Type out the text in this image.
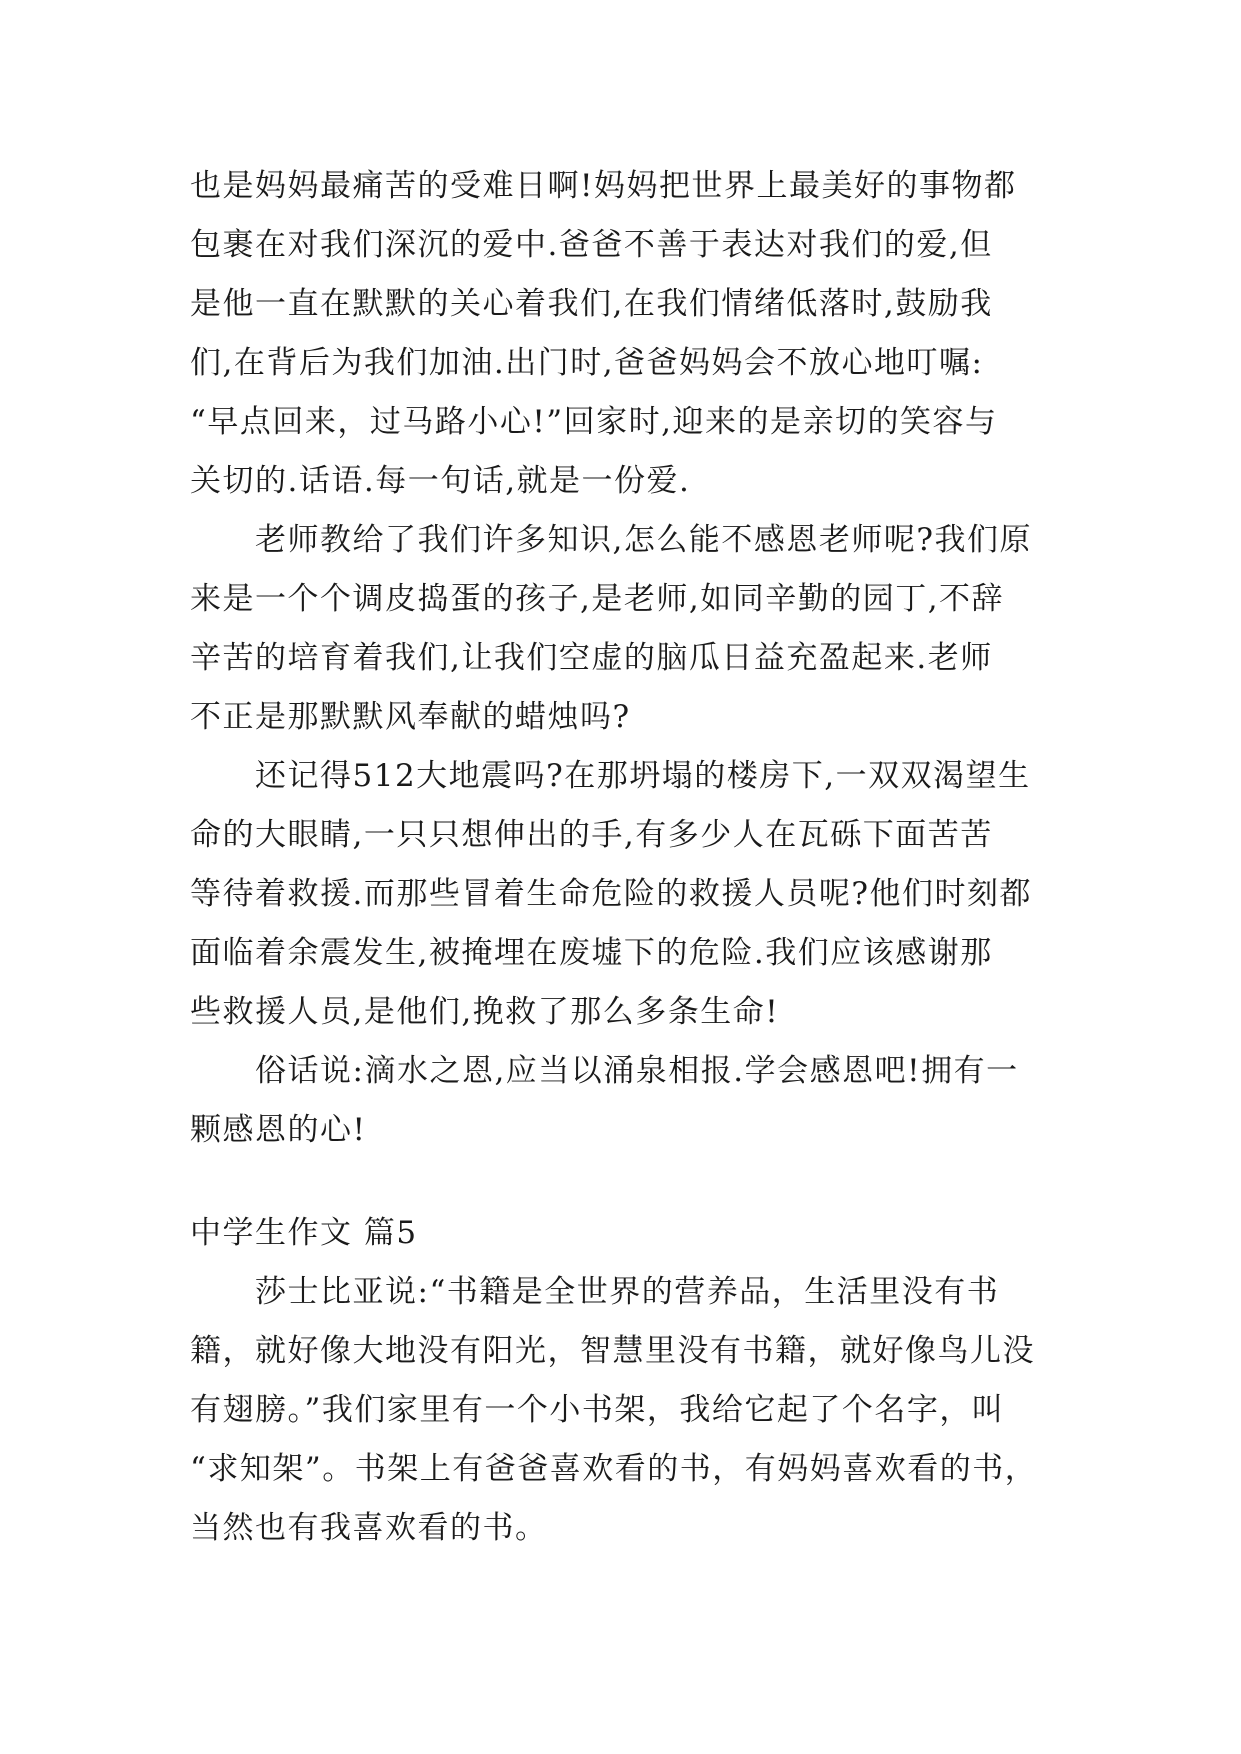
也是妈妈最痛苦的受难日啊!妈妈把世界上最美好的事物都
包裹在对我们深沉的爱中.爸爸不善于表达对我们的爱,但
是他一直在默默的关心着我们,在我们情绪低落时,鼓励我
们,在背后为我们加油.出门时,爸爸妈妈会不放心地叮嘱:
“早点回来，过马路小心!”回家时,迎来的是亲切的笑容与
关切的.话语.每一句话,就是一份爱.
老师教给了我们许多知识,怎么能不感恩老师呢?我们原
来是一个个调皮捣蛋的孩子,是老师,如同辛勤的园丁,不辞
辛苦的培育着我们,让我们空虚的脑瓜日益充盈起来.老师
不正是那默默风奉献的蜡烛吗?
还记得512大地震吗?在那坍塌的楼房下,一双双渴望生
命的大眼睛,一只只想伸出的手,有多少人在瓦砾下面苦苦
等待着救援.而那些冒着生命危险的救援人员呢?他们时刻都
面临着余震发生,被掩埋在废墟下的危险.我们应该感谢那
些救援人员,是他们,挽救了那么多条生命!
俗话说:滴水之恩,应当以涌泉相报.学会感恩吧!拥有一
颗感恩的心!
中学生作文 篇5
莎士比亚说:“书籍是全世界的营养品，生活里没有书
籍，就好像大地没有阳光，智慧里没有书籍，就好像鸟儿没
有翅膀。”我们家里有一个小书架，我给它起了个名字，叫
“求知架”。书架上有爸爸喜欢看的书，有妈妈喜欢看的书，
当然也有我喜欢看的书。
